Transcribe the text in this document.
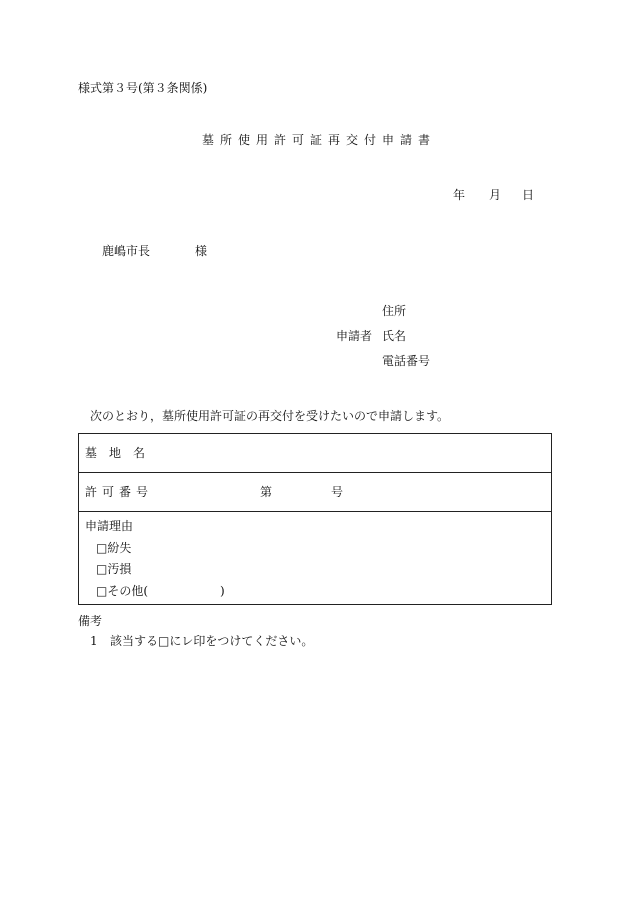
様式第３号(第３条関係)
墓所使用許可証再交付申請書
年 月 日
鹿嶋市長	様
住所
申請者 氏名
電話番号
次のとおり，墓所使用許可証の再交付を受けたいので申請します。
墓　地　名
許可番号	第	号
申請理由
□紛失
□汚損
□その他(　　　　　　)
備考
1 該当する□にレ印をつけてください。
